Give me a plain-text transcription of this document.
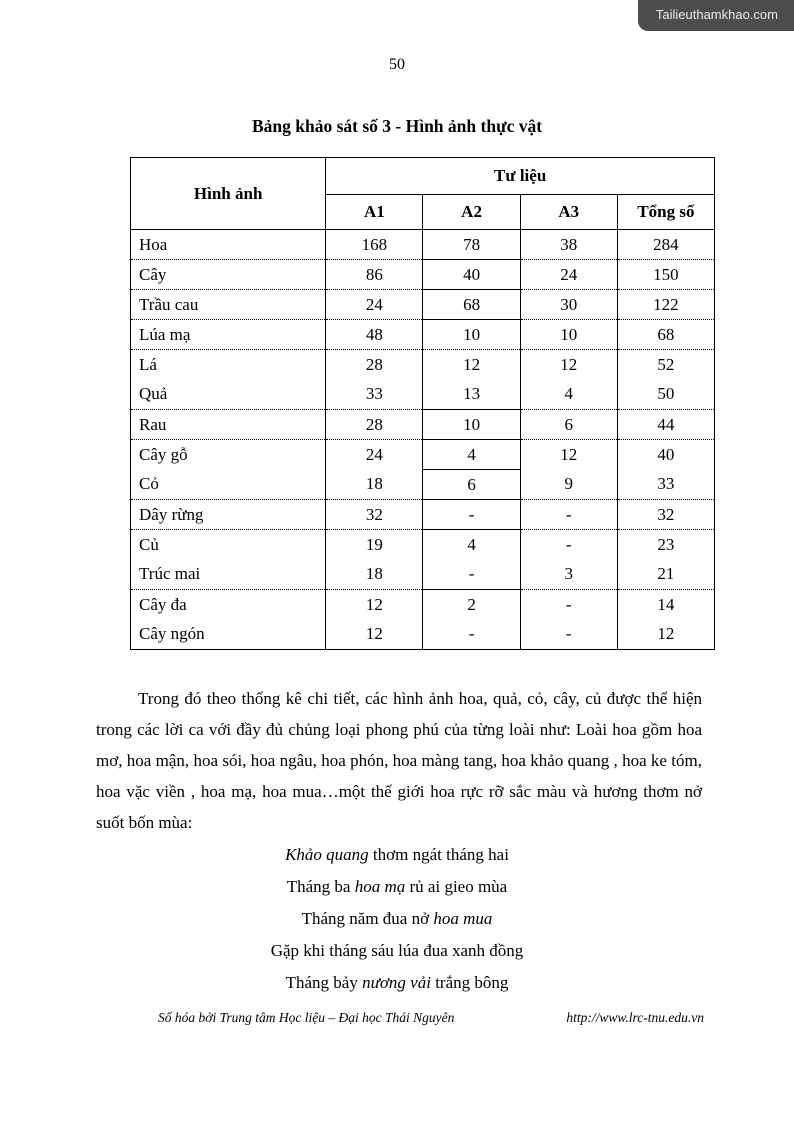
Tailieuthamkhao.com
50
Bảng khảo sát số 3 - Hình ảnh thực vật
Hình ảnh	Tư liệu			
	A1	A2	A3	Tổng số
Hoa	168	78	38	284
Cây	86	40	24	150
Trầu cau	24	68	30	122
Lúa mạ	48	10	10	68
Lá	28	12	12	52
Quả	33	13	4	50
Rau	28	10	6	44
Cây gỗ	24	4	12	40
Cỏ	18	6	9	33
Dây rừng	32	-	-	32
Củ	19	4	-	23
Trúc mai	18	-	3	21
Cây đa	12	2	-	14
Cây ngón	12	-	-	12

Trong đó theo thống kê chi tiết, các hình ảnh hoa, quả, cỏ, cây, củ được thể hiện trong các lời ca với đầy đủ chủng loại phong phú của từng loài như: Loài hoa gồm hoa mơ, hoa mận, hoa sói, hoa ngâu, hoa phón, hoa màng tang, hoa khảo quang , hoa ke tóm, hoa vặc viền , hoa mạ, hoa mua…một thế giới hoa rực rỡ sắc màu và hương thơm nở suốt bốn mùa:

Khảo quang thơm ngát tháng hai

Tháng ba hoa mạ rủ ai gieo mùa

Tháng năm đua nở hoa mua

Gặp khi tháng sáu lúa đua xanh đồng

Tháng bảy nương vải trắng bông

Số hóa bởi Trung tâm Học liệu – Đại học Thái Nguyên	http://www.lrc-tnu.edu.vn
